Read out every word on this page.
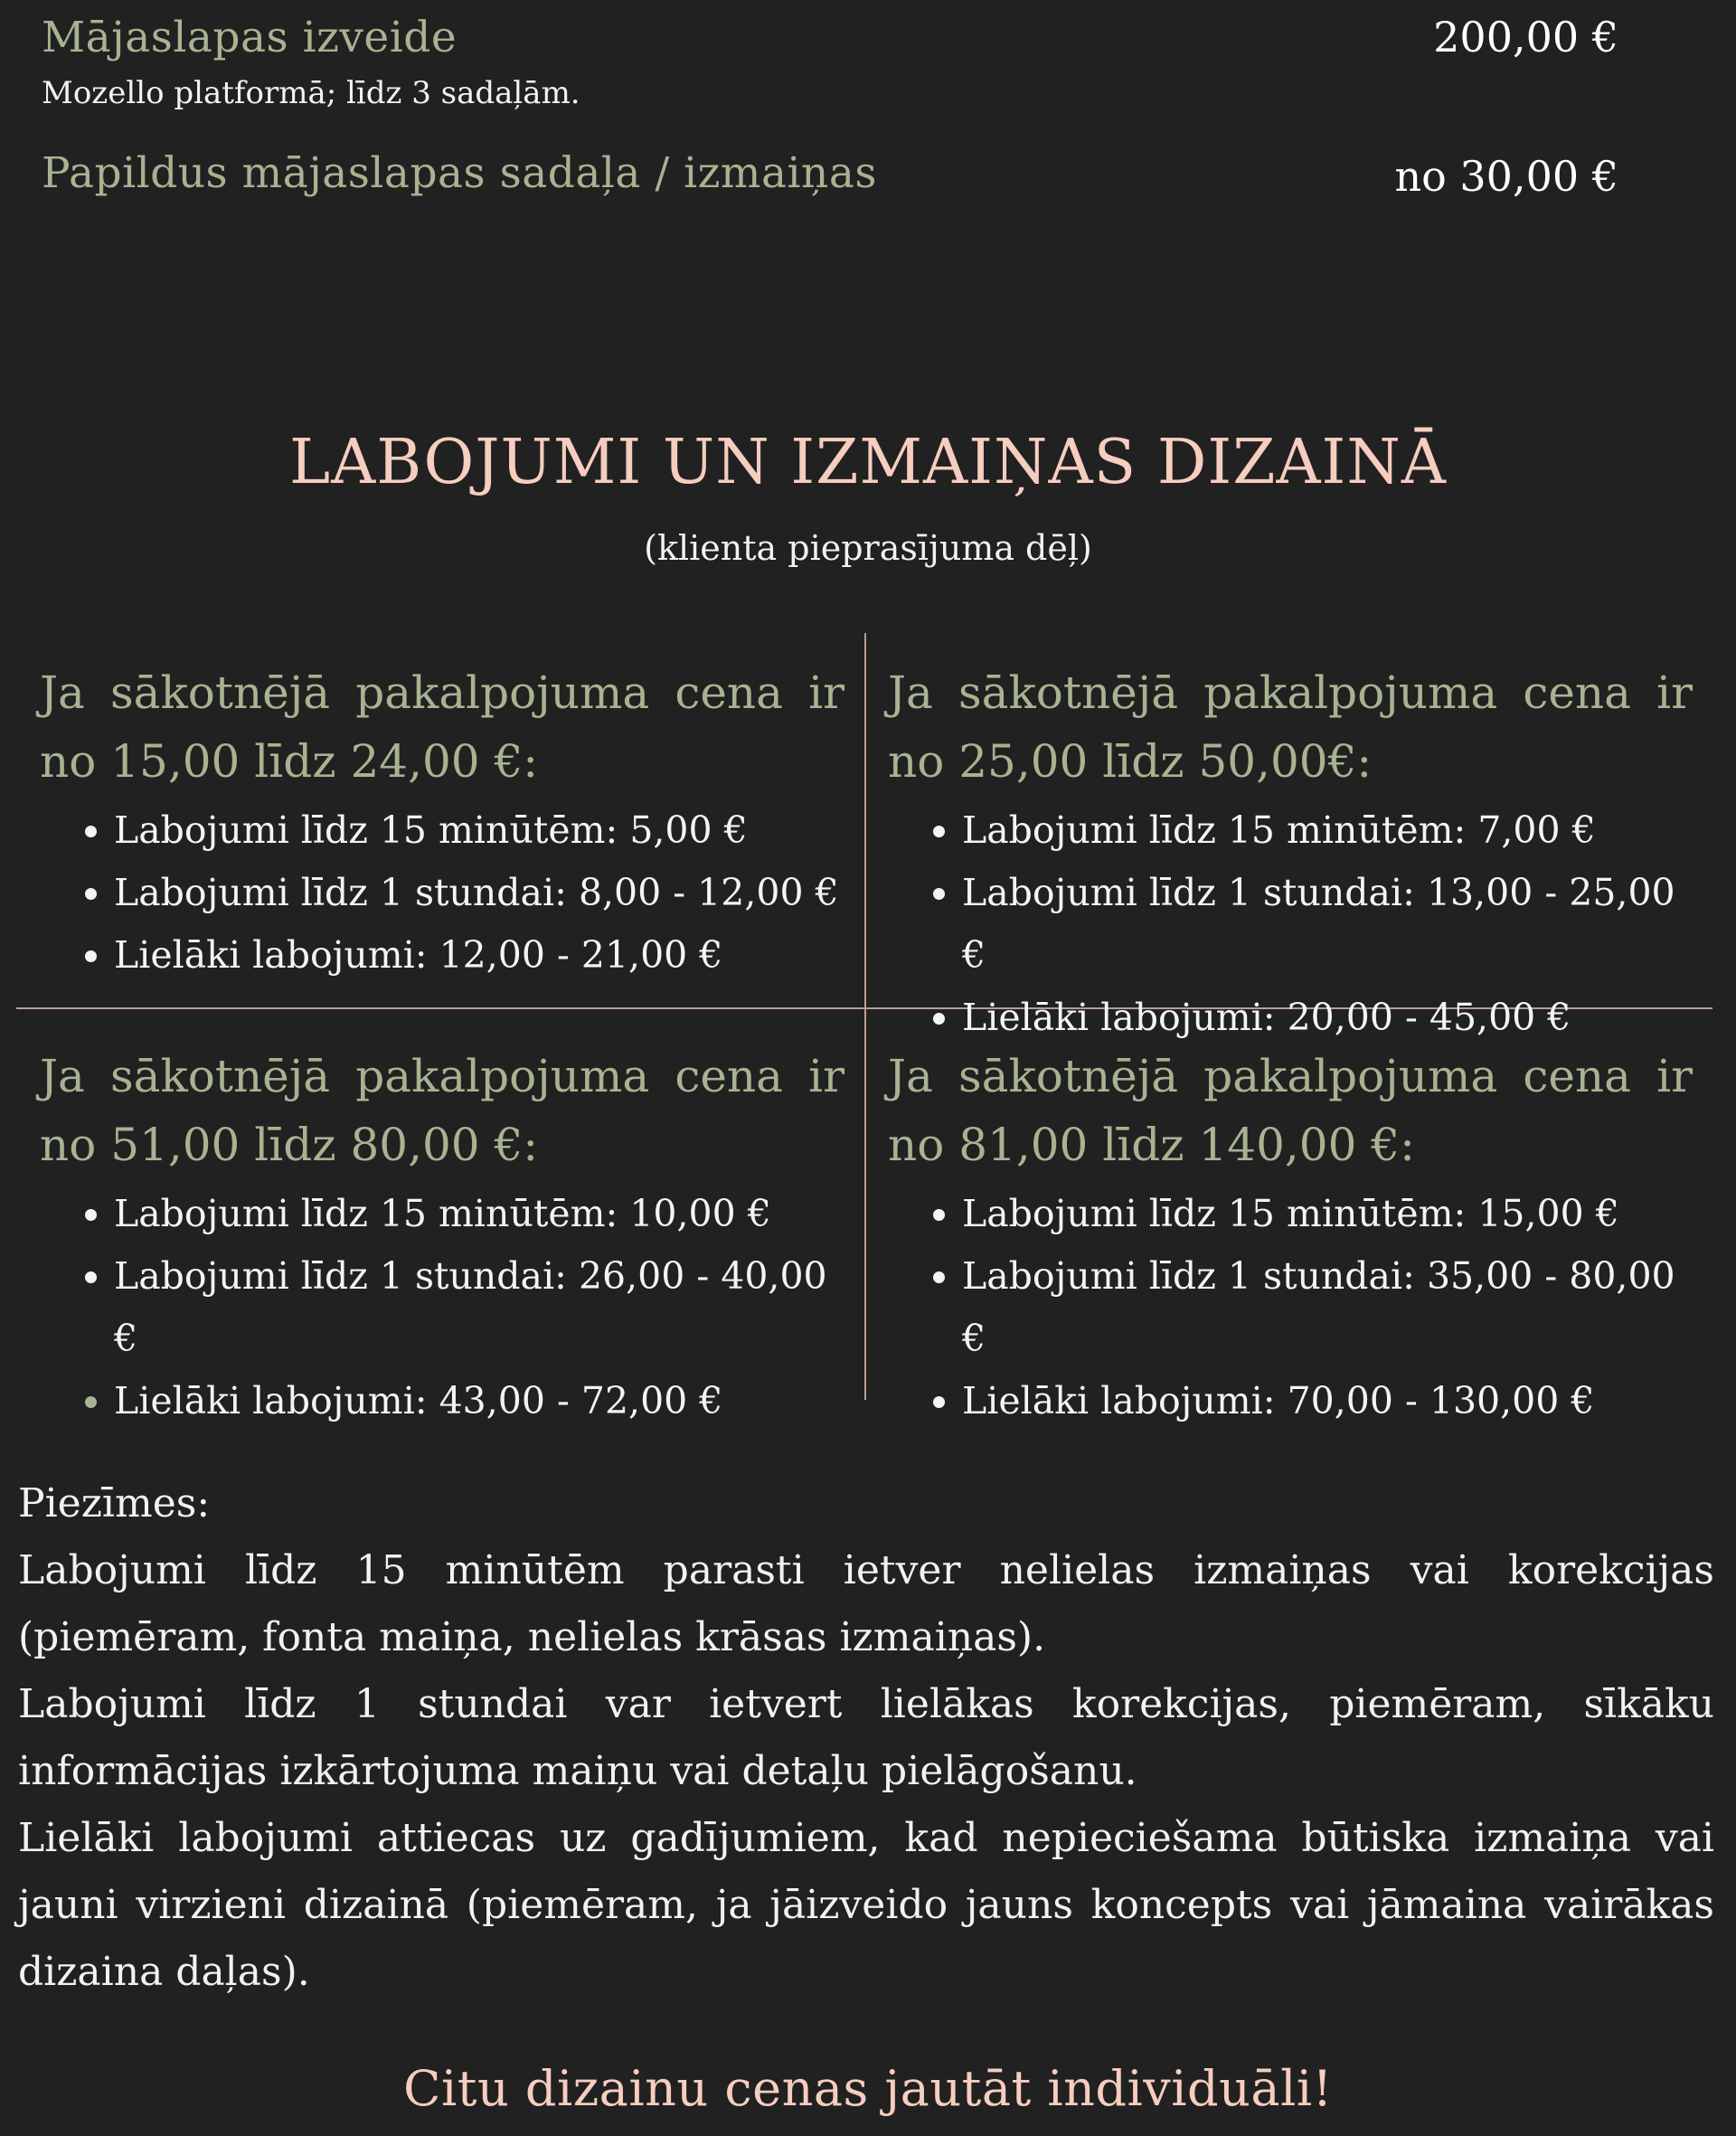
Mājaslapas izveide	200,00 €
Mozello platformā; līdz 3 sadaļām.
Papildus mājaslapas sadaļa / izmaiņas	no 30,00 €
LABOJUMI UN IZMAIŅAS DIZAINĀ
(klienta pieprasījuma dēļ)

Ja sākotnējā pakalpojuma cena ir no 15,00 līdz 24,00 €:

• Labojumi līdz 15 minūtēm: 5,00 €
• Labojumi līdz 1 stundai: 8,00 - 12,00 €
• Lielāki labojumi: 12,00 - 21,00 €

Ja sākotnējā pakalpojuma cena ir no 25,00 līdz 50,00€:

• Labojumi līdz 15 minūtēm: 7,00 €
• Labojumi līdz 1 stundai: 13,00 - 25,00 €
• Lielāki labojumi: 20,00 - 45,00 €

Ja sākotnējā pakalpojuma cena ir no 51,00 līdz 80,00 €:

• Labojumi līdz 15 minūtēm: 10,00 €
• Labojumi līdz 1 stundai: 26,00 - 40,00 €
• Lielāki labojumi: 43,00 - 72,00 €

Ja sākotnējā pakalpojuma cena ir no 81,00 līdz 140,00 €:

• Labojumi līdz 15 minūtēm: 15,00 €
• Labojumi līdz 1 stundai: 35,00 - 80,00 €
• Lielāki labojumi: 70,00 - 130,00 €

Piezīmes:

Labojumi līdz 15 minūtēm parasti ietver nelielas izmaiņas vai korekcijas (piemēram, fonta maiņa, nelielas krāsas izmaiņas).

Labojumi līdz 1 stundai var ietvert lielākas korekcijas, piemēram, sīkāku informācijas izkārtojuma maiņu vai detaļu pielāgošanu.

Lielāki labojumi attiecas uz gadījumiem, kad nepieciešama būtiska izmaiņa vai jauni virzieni dizainā (piemēram, ja jāizveido jauns koncepts vai jāmaina vairākas dizaina daļas).

Citu dizainu cenas jautāt individuāli!
